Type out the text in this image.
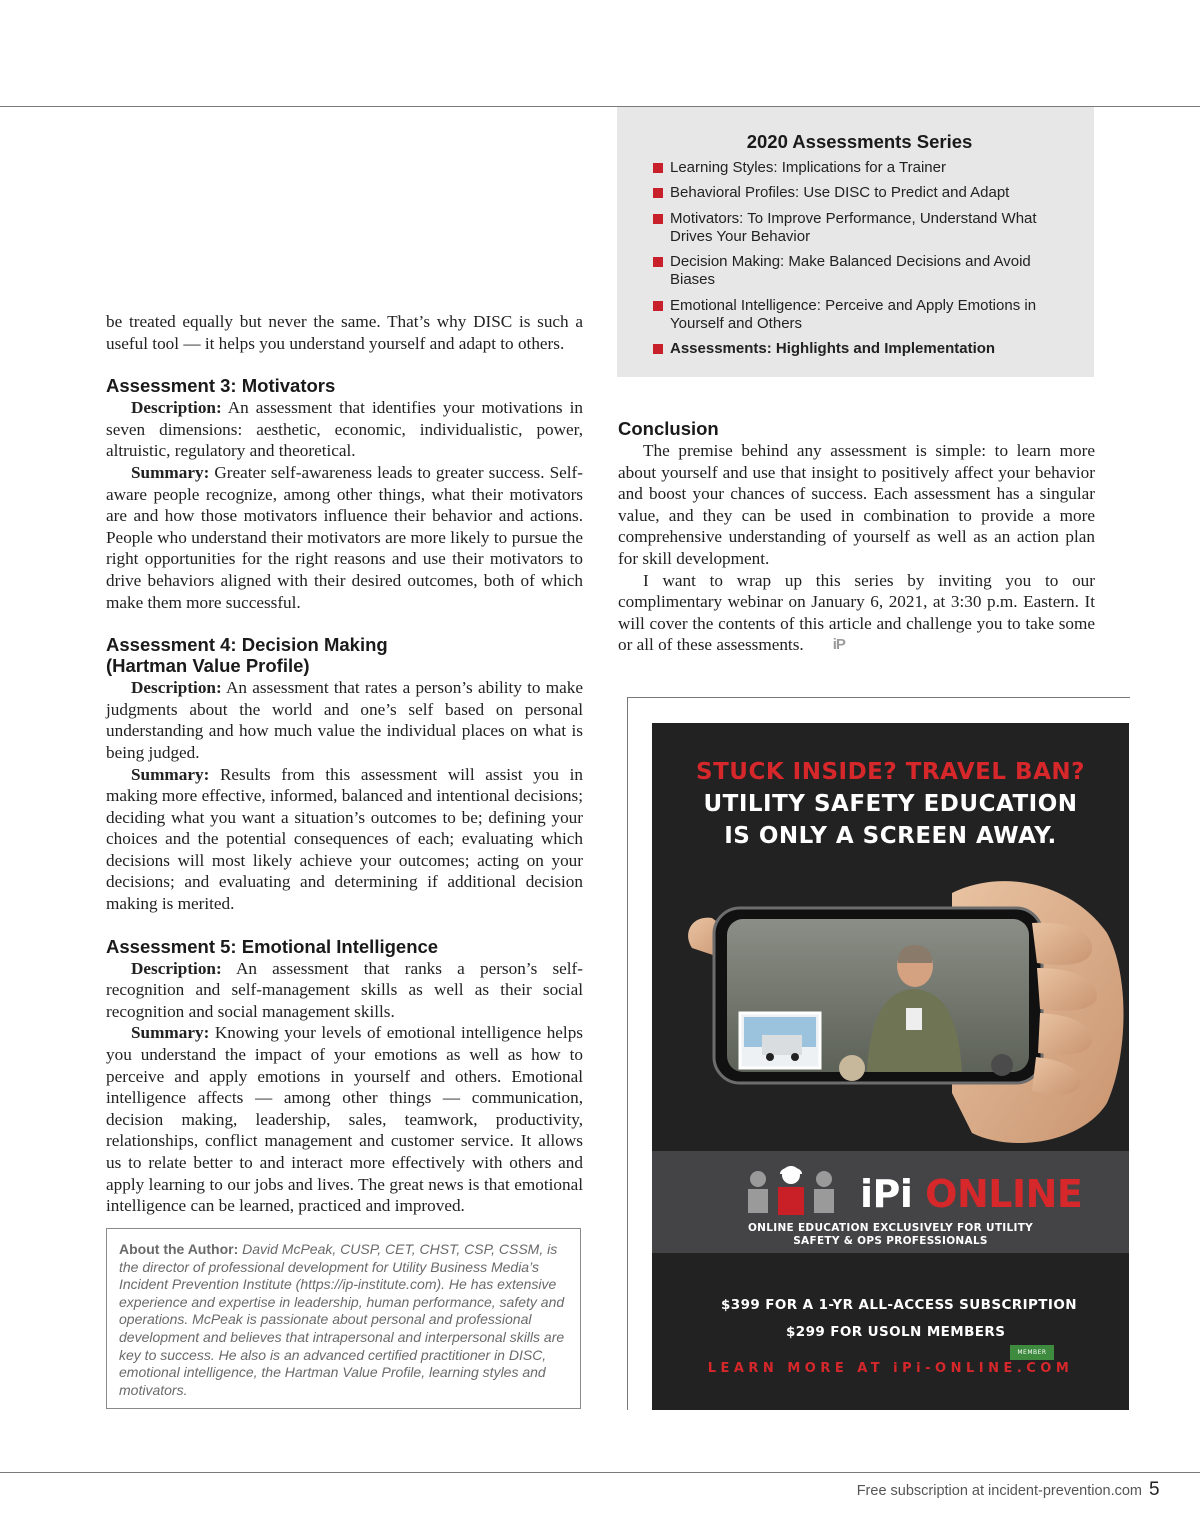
be treated equally but never the same. That’s why DISC is such a useful tool — it helps you understand yourself and adapt to others.

Assessment 3: Motivators

Description: An assessment that identifies your motivations in seven dimensions: aesthetic, economic, individualistic, power, altruistic, regulatory and theoretical.

Summary: Greater self-awareness leads to greater success. Self-aware people recognize, among other things, what their motivators are and how those motivators influence their behavior and actions. People who understand their motivators are more likely to pursue the right opportunities for the right reasons and use their motivators to drive behaviors aligned with their desired outcomes, both of which make them more successful.

Assessment 4: Decision Making
(Hartman Value Profile)

Description: An assessment that rates a person’s ability to make judgments about the world and one’s self based on personal understanding and how much value the individual places on what is being judged.

Summary: Results from this assessment will assist you in making more effective, informed, balanced and intentional decisions; deciding what you want a situation’s outcomes to be; defining your choices and the potential consequences of each; evaluating which decisions will most likely achieve your outcomes; acting on your decisions; and evaluating and determining if additional decision making is merited.

Assessment 5: Emotional Intelligence

Description: An assessment that ranks a person’s self-recognition and self-management skills as well as their social recognition and social management skills.

Summary: Knowing your levels of emotional intelligence helps you understand the impact of your emotions as well as how to perceive and apply emotions in yourself and others. Emotional intelligence affects — among other things — communication, decision making, leadership, sales, teamwork, productivity, relationships, conflict management and customer service. It allows us to relate better to and interact more effectively with others and apply learning to our jobs and lives. The great news is that emotional intelligence can be learned, practiced and improved.

About the Author: David McPeak, CUSP, CET, CHST, CSP, CSSM, is the director of professional development for Utility Business Media’s Incident Prevention Institute (https://ip-institute.com). He has extensive experience and expertise in leadership, human performance, safety and operations. McPeak is passionate about personal and professional development and believes that intrapersonal and interpersonal skills are key to success. He also is an advanced certified practitioner in DISC, emotional intelligence, the Hartman Value Profile, learning styles and motivators.
2020 Assessments Series
Learning Styles: Implications for a Trainer
Behavioral Profiles: Use DISC to Predict and Adapt
Motivators: To Improve Performance, Understand What Drives Your Behavior
Decision Making: Make Balanced Decisions and Avoid Biases
Emotional Intelligence: Perceive and Apply Emotions in Yourself and Others
Assessments: Highlights and Implementation
Conclusion

The premise behind any assessment is simple: to learn more about yourself and use that insight to positively affect your behavior and boost your chances of success. Each assessment has a singular value, and they can be used in combination to provide a more comprehensive understanding of yourself as well as an action plan for skill development.

I want to wrap up this series by inviting you to our complimentary webinar on January 6, 2021, at 3:30 p.m. Eastern. It will cover the contents of this article and challenge you to take some or all of these assessments. iP

STUCK INSIDE? TRAVEL BAN?
UTILITY SAFETY EDUCATION
IS ONLY A SCREEN AWAY.
iPi ONLINE
ONLINE EDUCATION EXCLUSIVELY FOR UTILITY
SAFETY & OPS PROFESSIONALS
$399 FOR A 1-YR ALL-ACCESS SUBSCRIPTION
$299 FOR USOLN MEMBERS
MEMBER
LEARN MORE AT iPi-ONLINE.COM
Free subscription at incident-prevention.com 5
